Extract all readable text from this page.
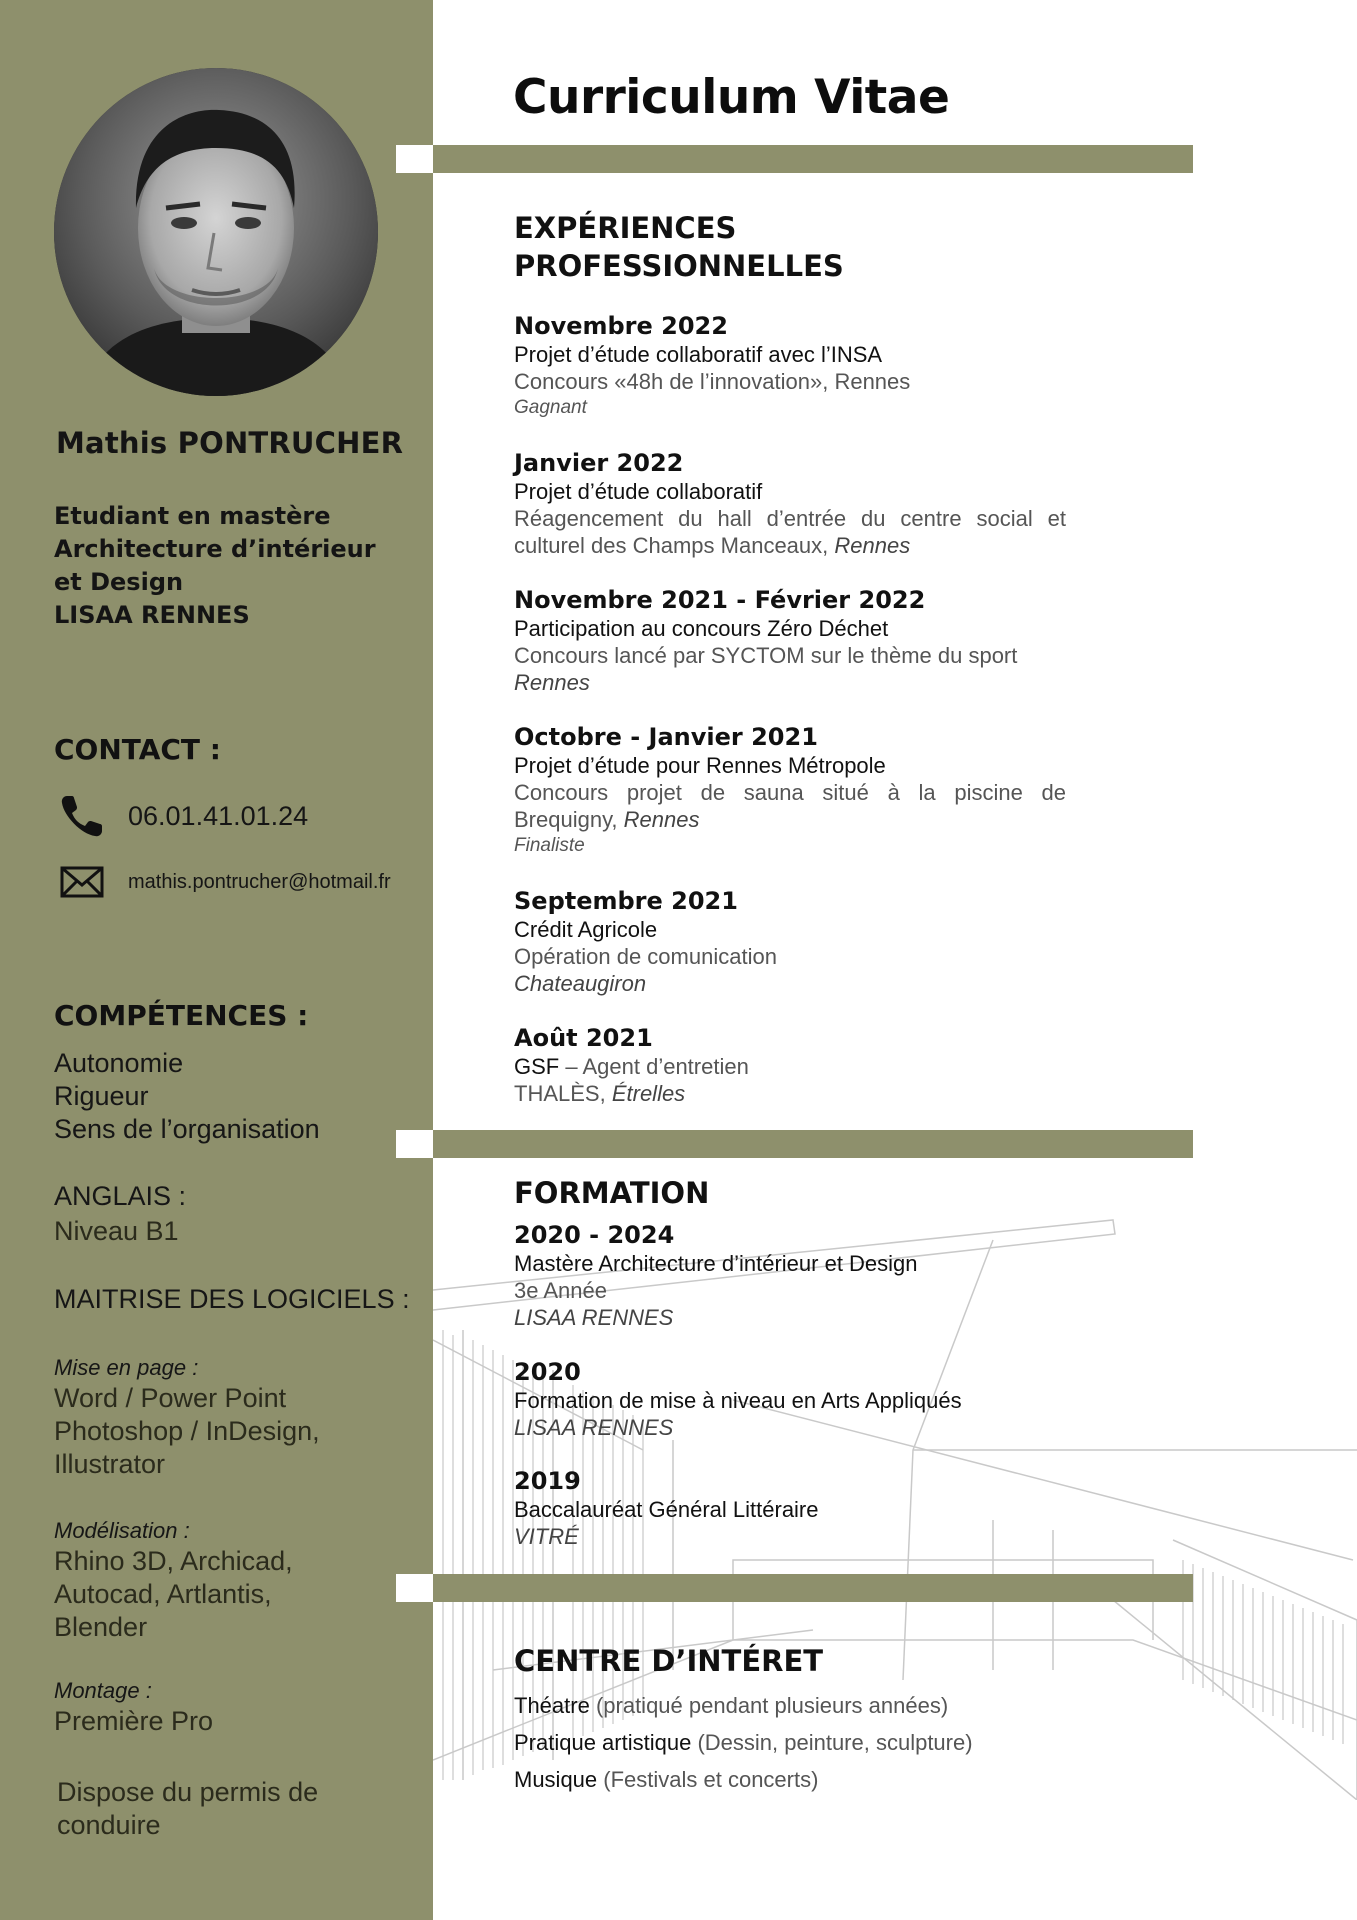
Mathis PONTRUCHER
Etudiant en mastère
Architecture d’intérieur
et Design
LISAA RENNES
CONTACT :
06.01.41.01.24
mathis.pontrucher@hotmail.fr
COMPÉTENCES :
Autonomie
Rigueur
Sens de l’organisation
ANGLAIS :
Niveau B1
MAITRISE DES LOGICIELS :
Mise en page :
Word / Power Point
Photoshop / InDesign,
Illustrator
Modélisation :
Rhino 3D, Archicad,
Autocad, Artlantis,
Blender
Montage :
Première Pro
Dispose du permis de
conduire
Curriculum Vitae
EXPÉRIENCES
PROFESSIONNELLES
Novembre 2022
Projet d’étude collaboratif avec l’INSA
Concours «48h de l’innovation», Rennes
Gagnant
Janvier 2022
Projet d’étude collaboratif
Réagencement du hall d’entrée du centre social et culturel des Champs Manceaux, Rennes
Novembre 2021 - Février 2022
Participation au concours Zéro Déchet
Concours lancé par SYCTOM sur le thème du sport
Rennes
Octobre - Janvier 2021
Projet d’étude pour Rennes Métropole
Concours projet de sauna situé à la piscine de Brequigny, Rennes
Finaliste
Septembre 2021
Crédit Agricole
Opération de comunication
Chateaugiron
Août 2021
GSF – Agent d’entretien
THALÈS, Étrelles
FORMATION
2020 - 2024
Mastère Architecture d’intérieur et Design
3e Année
LISAA RENNES
2020
Formation de mise à niveau en Arts Appliqués
LISAA RENNES
2019
Baccalauréat Général Littéraire
VITRÉ
CENTRE D’INTÉRET
Théatre (pratiqué pendant plusieurs années)
Pratique artistique (Dessin, peinture, sculpture)
Musique (Festivals et concerts)
